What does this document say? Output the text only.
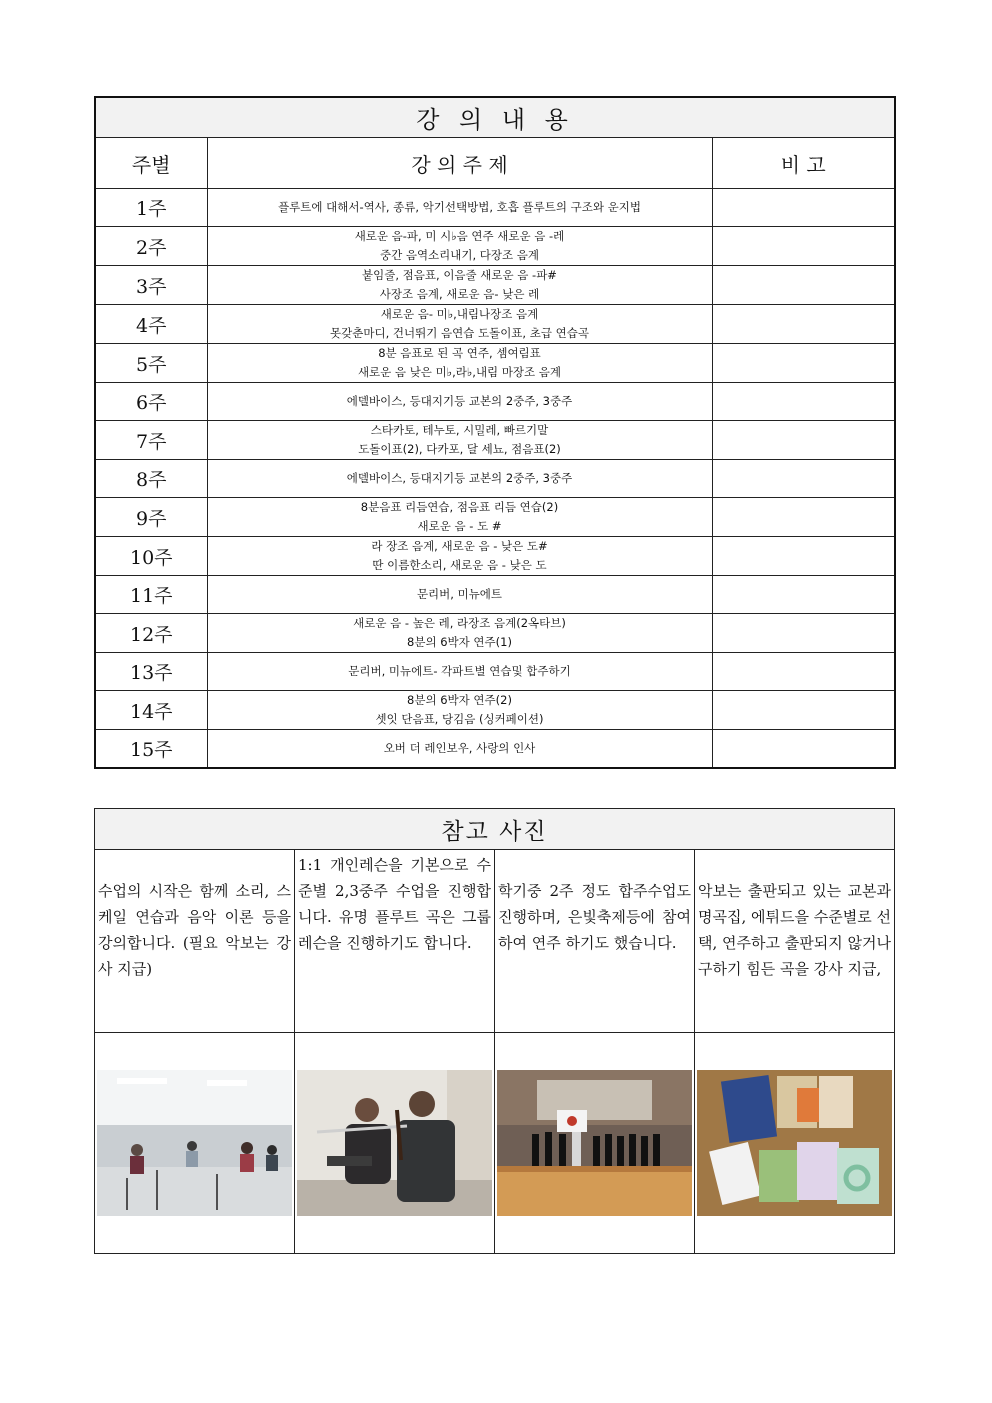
강 의 내 용		
주별	강 의 주 제	비 고
1주	플루트에 대해서-역사, 종류, 악기선택방법, 호흡 플루트의 구조와 운지법	

2주	새로운 음-파, 미 시♭음 연주 새로운 음 -레
중간 음역소리내기, 다장조 음계	

3주	붙임줄, 점음표, 이음줄 새로운 음 -파#
사장조 음계, 새로운 음- 낮은 레	

4주	새로운 음- 미♭,내림나장조 음계
못갖춘마디, 건너뛰기 음연습 도돌이표, 초급 연습곡	

5주	8분 음표로 된 곡 연주, 셈여림표
새로운 음 낮은 미♭,라♭,내림 마장조 음계	

6주	에델바이스, 등대지기등 교본의 2중주, 3중주	

7주	스타카토, 테누토, 시밀레, 빠르기말
도돌이표(2), 다카포, 달 세뇨, 점음표(2)	

8주	에델바이스, 등대지기등 교본의 2중주, 3중주	

9주	8분음표 리듬연습, 점음표 리듬 연습(2)
새로운 음 - 도 #	

10주	라 장조 음계, 새로운 음 - 낮은 도#
딴 이름한소리, 새로운 음 - 낮은 도	

11주	문리버, 미뉴에트	

12주	새로운 음 - 높은 레, 라장조 음계(2옥타브)
8분의 6박자 연주(1)	

13주	문리버, 미뉴에트- 각파트별 연습및 합주하기	

14주	8분의 6박자 연주(2)
셋잇 단음표, 당김음 (싱커페이션)	

15주	오버 더 레인보우, 사랑의 인사	

참고 사진			
수업의 시작은 함께 소리, 스케일 연습과 음악 이론 등을 강의합니다. (필요 악보는 강사 지급)	1:1 개인레슨을 기본으로 수준별 2,3중주 수업을 진행합니다. 유명 플루트 곡은 그룹레슨을 진행하기도 합니다.	학기중 2주 정도 합주수업도 진행하며, 은빛축제등에 참여 하여 연주 하기도 했습니다.	악보는 출판되고 있는 교본과 명곡집, 에튀드을 수준별로 선택, 연주하고 출판되지 않거나 구하기 힘든 곡을 강사 지급,
